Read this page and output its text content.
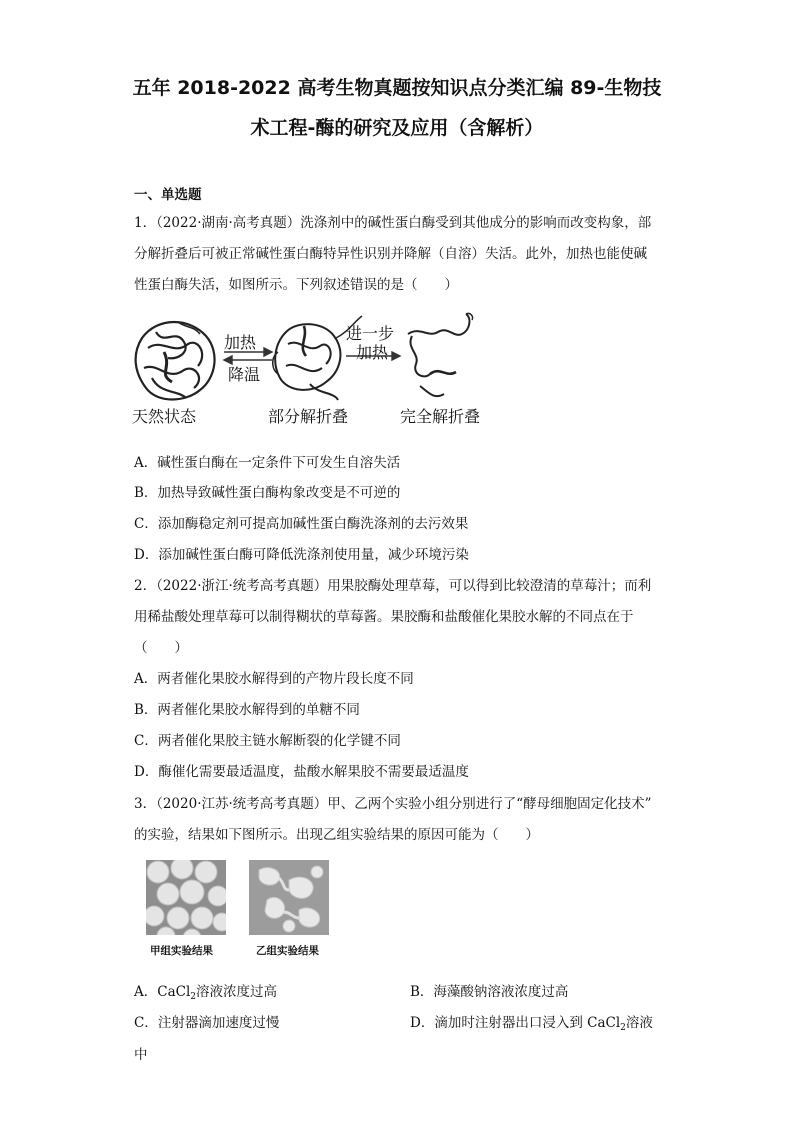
五年 2018-2022 高考生物真题按知识点分类汇编 89-生物技
术工程-酶的研究及应用（含解析）
一、单选题
1．（2022·湖南·高考真题）洗涤剂中的碱性蛋白酶受到其他成分的影响而改变构象，部
分解折叠后可被正常碱性蛋白酶特异性识别并降解（自溶）失活。此外，加热也能使碱
性蛋白酶失活，如图所示。下列叙述错误的是（　　）
加热
降温
进一步
加热
天然状态	部分解折叠	完全解折叠
A．碱性蛋白酶在一定条件下可发生自溶失活
B．加热导致碱性蛋白酶构象改变是不可逆的
C．添加酶稳定剂可提高加碱性蛋白酶洗涤剂的去污效果
D．添加碱性蛋白酶可降低洗涤剂使用量，减少环境污染
2．（2022·浙江·统考高考真题）用果胶酶处理草莓，可以得到比较澄清的草莓汁；而利
用稀盐酸处理草莓可以制得糊状的草莓酱。果胶酶和盐酸催化果胶水解的不同点在于
（　　）
A．两者催化果胶水解得到的产物片段长度不同
B．两者催化果胶水解得到的单糖不同
C．两者催化果胶主链水解断裂的化学键不同
D．酶催化需要最适温度，盐酸水解果胶不需要最适温度
3．（2020·江苏·统考高考真题）甲、乙两个实验小组分别进行了“酵母细胞固定化技术”
的实验，结果如下图所示。出现乙组实验结果的原因可能为（　　）
甲组实验结果	乙组实验结果
A．CaCl$_2$溶液浓度过高	B．海藻酸钠溶液浓度过高
C．注射器滴加速度过慢	D．滴加时注射器出口浸入到 CaCl$_2$溶液
中
